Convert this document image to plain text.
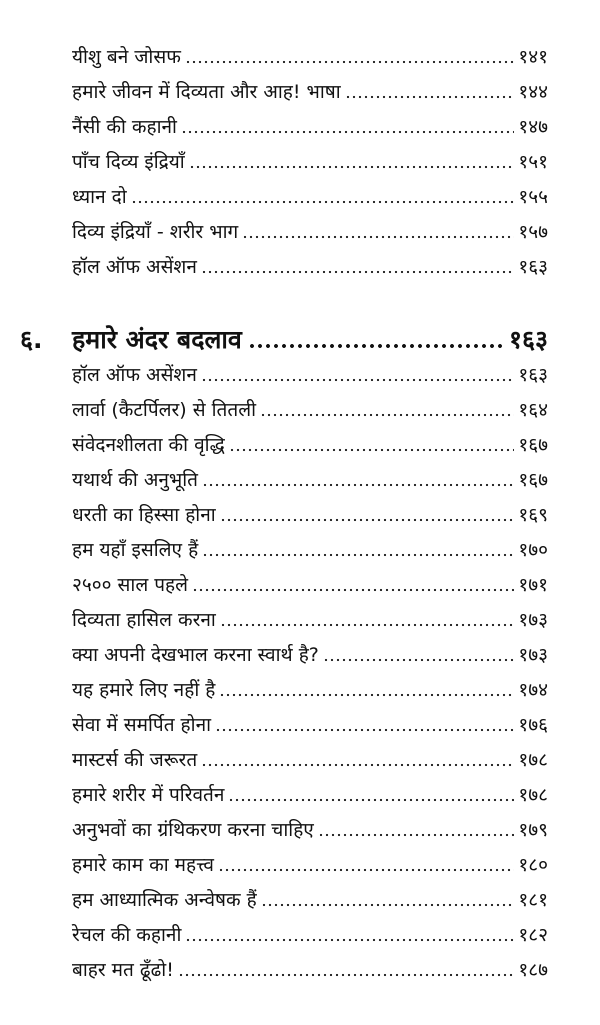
यीशु बने जोसफ	१४१
हमारे जीवन में दिव्यता और आह! भाषा	१४४
नैंसी की कहानी	१४७
पाँच दिव्य इंद्रियाँ	१५१
ध्यान दो	१५५
दिव्य इंद्रियाँ - शरीर भाग	१५७
हॉल ऑफ असेंशन	१६३
६.	हमारे अंदर बदलाव	१६३
हॉल ऑफ असेंशन	१६३
लार्वा (कैटर्पिलर) से तितली	१६४
संवेदनशीलता की वृद्धि	१६७
यथार्थ की अनुभूति	१६७
धरती का हिस्सा होना	१६९
हम यहाँ इसलिए हैं	१७०
२५०० साल पहले	१७१
दिव्यता हासिल करना	१७३
क्या अपनी देखभाल करना स्वार्थ है?	१७३
यह हमारे लिए नहीं है	१७४
सेवा में समर्पित होना	१७६
मास्टर्स की जरूरत	१७८
हमारे शरीर में परिवर्तन	१७८
अनुभवों का ग्रंथिकरण करना चाहिए	१७९
हमारे काम का महत्त्व	१८०
हम आध्यात्मिक अन्वेषक हैं	१८१
रेचल की कहानी	१८२
बाहर मत ढूँढो!	१८७
